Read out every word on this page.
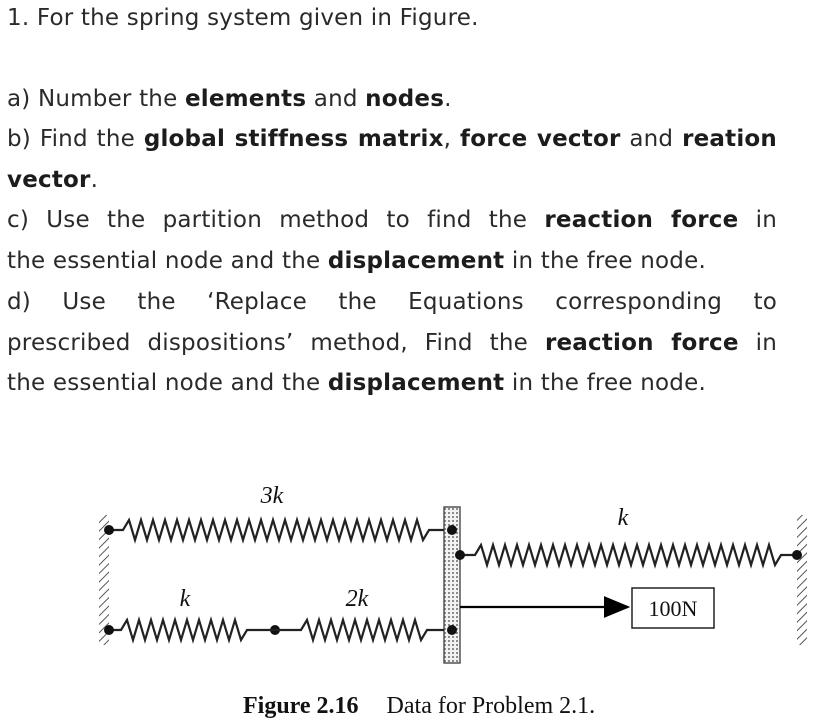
1. For the spring system given in Figure.
a) Number the elements and nodes.
b) Find the global stiffness matrix, force vector and reation
vector.
c) Use the partition method to find the reaction force in
the essential node and the displacement in the free node.
d) Use the ‘Replace the Equations corresponding to
prescribed dispositions’ method, Find the reaction force in
the essential node and the displacement in the free node.
100N
3k
k
k	2k
Figure 2.16 Data for Problem 2.1.
